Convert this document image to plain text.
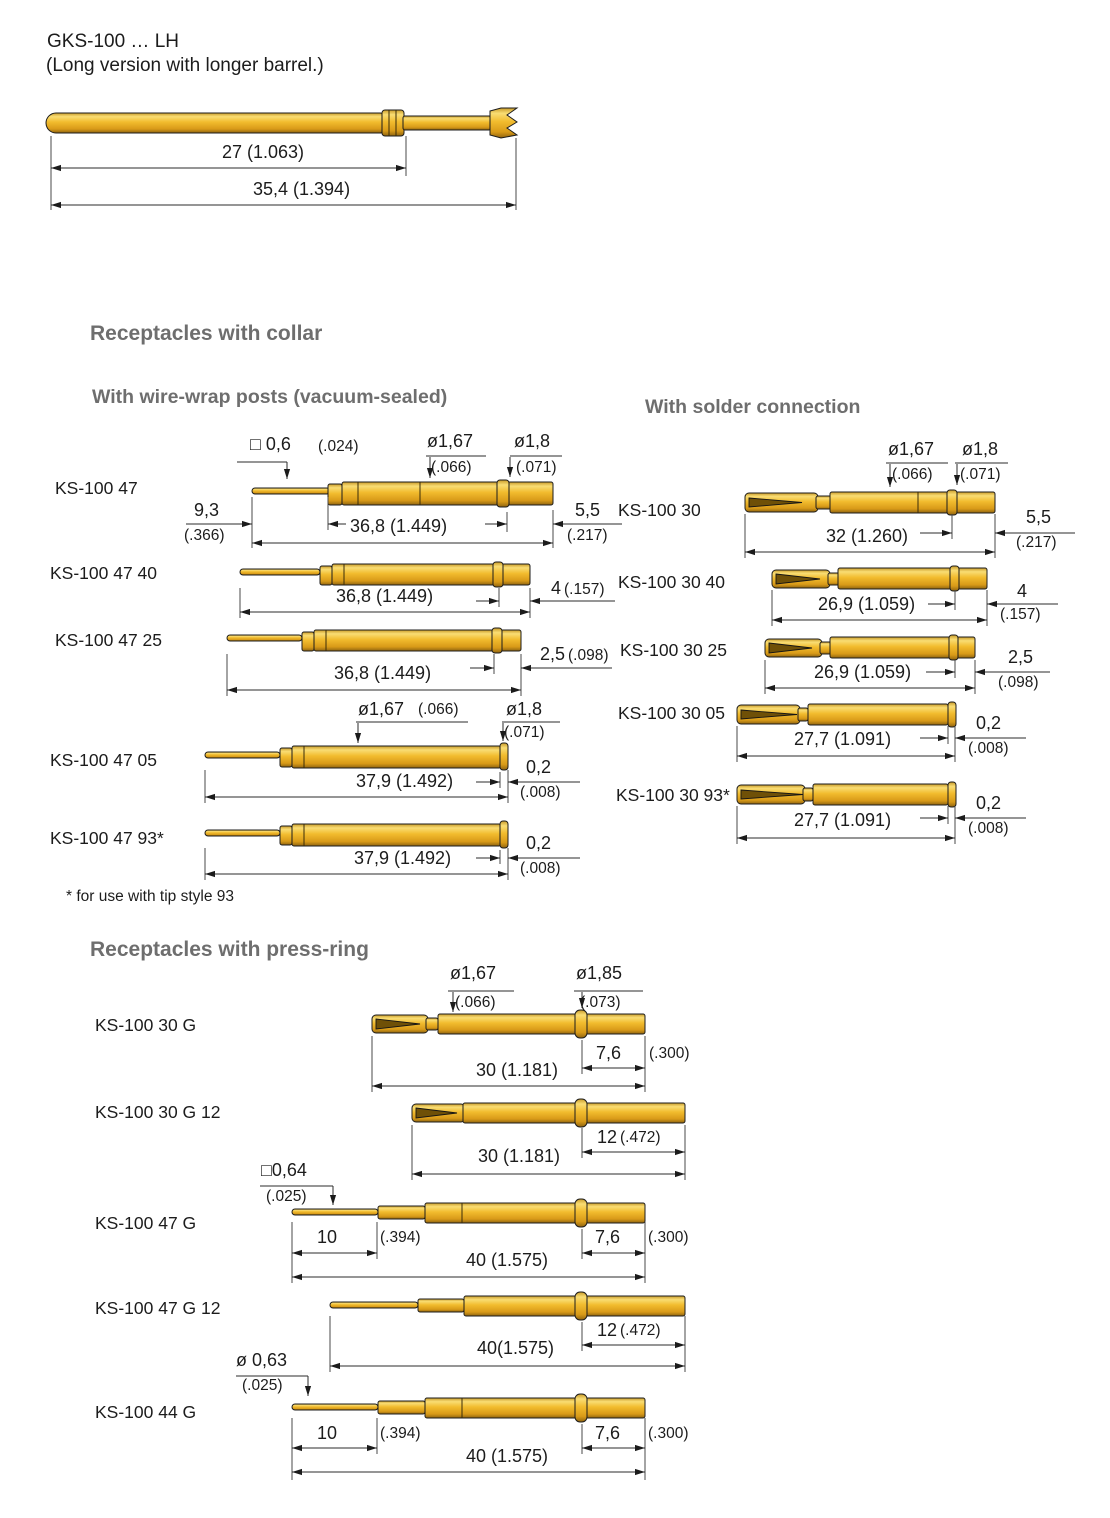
GKS-100 … LH
(Long version with longer barrel.)
27 (1.063)
35,4 (1.394)
Receptacles with collar
With wire-wrap posts (vacuum-sealed)	With solder connection
* for use with tip style 93
Receptacles with press-ring
KS-100 47
□ 0,6 (.024)	ø1,67
(.066)
ø1,8
(.071)
9,3
(.366)	36,8 (1.449)
5,5
(.217)
KS-100 47 40
36,8 (1.449)	4 (.157)
KS-100 47 25
36,8 (1.449)
2,5 (.098)
KS-100 47 05
ø1,67 (.066)	ø1,8
(.071)
37,9 (1.492)
0,2
(.008)
KS-100 47 93*
37,9 (1.492)
0,2
(.008)
KS-100 30
ø1,67
(.066)
ø1,8
(.071)
32 (1.260)
5,5
(.217)
KS-100 30 40
26,9 (1.059)
4
(.157)
KS-100 30 25
26,9 (1.059)
2,5
(.098)
KS-100 30 05
27,7 (1.091)
0,2
(.008)
KS-100 30 93*
27,7 (1.091)
0,2
(.008)
KS-100 30 G
ø1,67
(.066)
ø1,85
(.073)
30 (1.181)
7,6 (.300)
KS-100 30 G 12
30 (1.181)
12 (.472)
□0,64
(.025)
KS-100 47 G
10	(.394)
40 (1.575)
7,6 (.300)
KS-100 47 G 12
40(1.575)
12 (.472)
ø 0,63
(.025)
KS-100 44 G
10	(.394)
40 (1.575)
7,6 (.300)
